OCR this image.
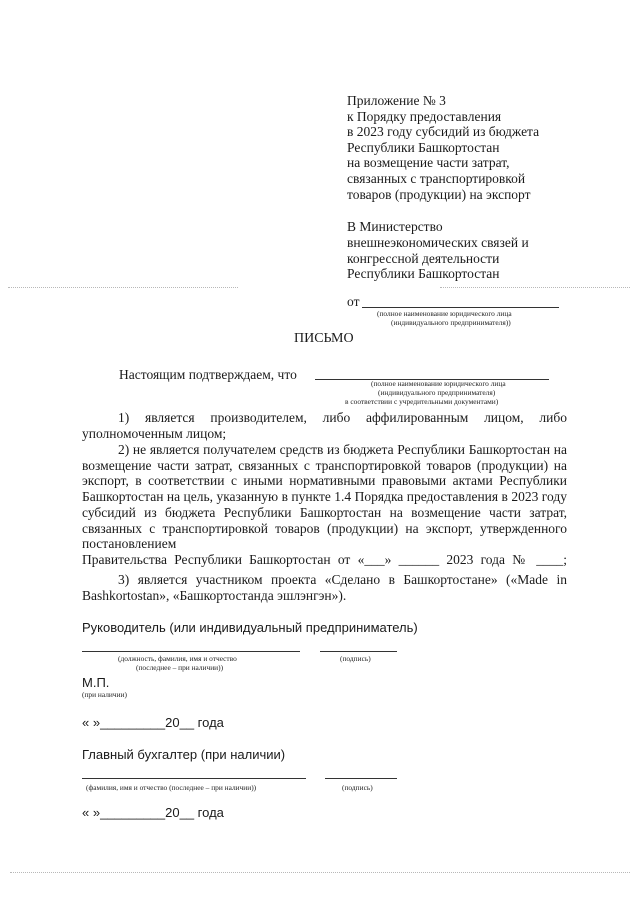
Приложение № 3
к Порядку предоставления
в 2023 году субсидий из бюджета
Республики Башкортостан
на возмещение части затрат,
связанных с транспортировкой
товаров (продукции) на экспорт
В Министерство
внешнеэкономических связей и
конгрессной деятельности
Республики Башкортостан
от
(полное наименование юридического лица
(индивидуального предпринимателя))
ПИСЬМО
Настоящим подтверждаем, что
(полное наименование юридического лица
(индивидуального предпринимателя)
в соответствии с учредительными документами)
1) является производителем, либо аффилированным лицом, либо уполномоченным лицом;
2) не является получателем средств из бюджета Республики Башкортостан на возмещение части затрат, связанных с транспортировкой товаров (продукции) на экспорт, в соответствии с иными нормативными правовыми актами Республики Башкортостан на цель, указанную в пункте 1.4 Порядка предоставления в 2023 году субсидий из бюджета Республики Башкортостан на возмещение части затрат, связанных с транспортировкой товаров (продукции) на экспорт, утвержденного постановлением
Правительства Республики Башкортостан от «___» ______ 2023 года № ____;
3) является участником проекта «Сделано в Башкортостане» («Made in Bashkortostan», «Башкортостанда эшлэнгэн»).
Руководитель (или индивидуальный предприниматель)
(должность, фамилия, имя и отчество
(последнее – при наличии))
(подпись)
М.П.
(при наличии)
« »_________20__ года
Главный бухгалтер (при наличии)
(фамилия, имя и отчество (последнее – при наличии))	(подпись)
« »_________20__ года
